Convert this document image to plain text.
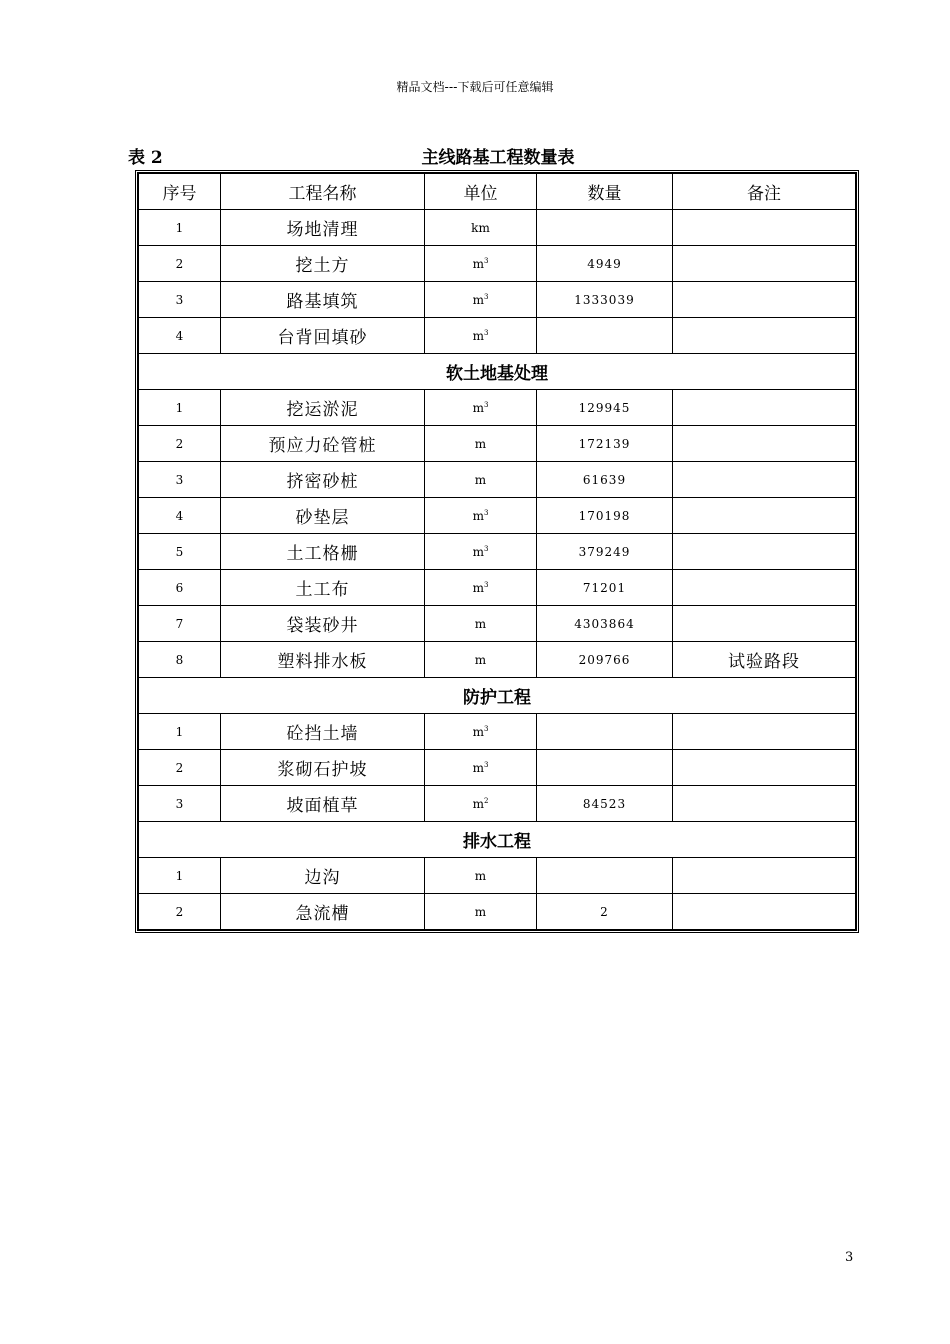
精品文档---下载后可任意编辑
表 2	主线路基工程数量表
序号	工程名称	单位	数量	备注
1	场地清理	km		
2	挖土方	$m^3$	4949	
3	路基填筑	$m^3$	1333039	
4	台背回填砂	$m^3$		
软土地基处理				
1	挖运淤泥	$m^3$	129945	
2	预应力砼管桩	m	172139	
3	挤密砂桩	m	61639	
4	砂垫层	$m^3$	170198	
5	土工格栅	$m^3$	379249	
6	土工布	$m^3$	71201	
7	袋装砂井	m	4303864	
8	塑料排水板	m	209766	试验路段
防护工程				
1	砼挡土墙	$m^3$		
2	浆砌石护坡	$m^3$		
3	坡面植草	$m^2$	84523	
排水工程				
1	边沟	m		
2	急流槽	m	2	
3
